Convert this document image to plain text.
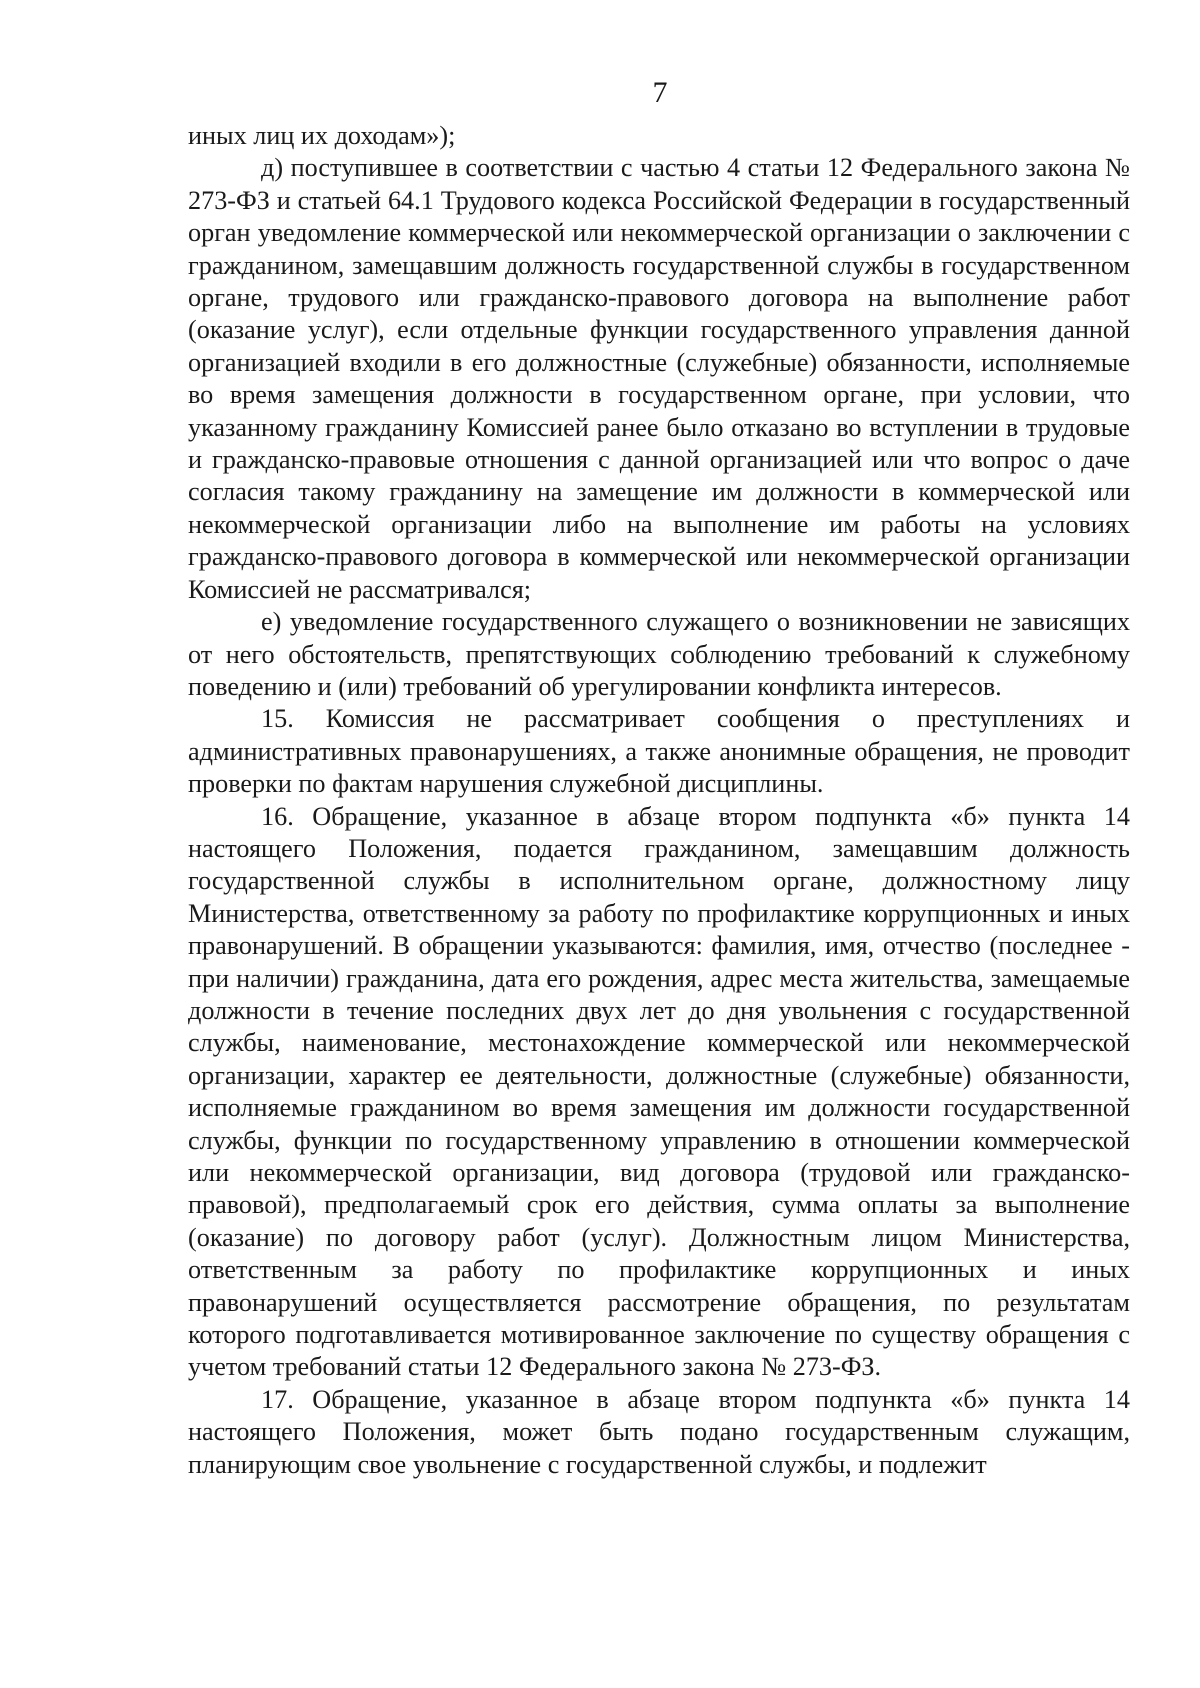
7

иных лиц их доходам»);

д) поступившее в соответствии с частью 4 статьи 12 Федерального закона № 273-ФЗ и статьей 64.1 Трудового кодекса Российской Федерации в государственный орган уведомление коммерческой или некоммерческой организации о заключении с гражданином, замещавшим должность государственной службы в государственном органе, трудового или гражданско-правового договора на выполнение работ (оказание услуг), если отдельные функции государственного управления данной организацией входили в его должностные (служебные) обязанности, исполняемые во время замещения должности в государственном органе, при условии, что указанному гражданину Комиссией ранее было отказано во вступлении в трудовые и гражданско-правовые отношения с данной организацией или что вопрос о даче согласия такому гражданину на замещение им должности в коммерческой или некоммерческой организации либо на выполнение им работы на условиях гражданско-правового договора в коммерческой или некоммерческой организации Комиссией не рассматривался;

е) уведомление государственного служащего о возникновении не зависящих от него обстоятельств, препятствующих соблюдению требований к служебному поведению и (или) требований об урегулировании конфликта интересов.

15. Комиссия не рассматривает сообщения о преступлениях и административных правонарушениях, а также анонимные обращения, не проводит проверки по фактам нарушения служебной дисциплины.

16. Обращение, указанное в абзаце втором подпункта «б» пункта 14 настоящего Положения, подается гражданином, замещавшим должность государственной службы в исполнительном органе, должностному лицу Министерства, ответственному за работу по профилактике коррупционных и иных правонарушений. В обращении указываются: фамилия, имя, отчество (последнее - при наличии) гражданина, дата его рождения, адрес места жительства, замещаемые должности в течение последних двух лет до дня увольнения с государственной службы, наименование, местонахождение коммерческой или некоммерческой организации, характер ее деятельности, должностные (служебные) обязанности, исполняемые гражданином во время замещения им должности государственной службы, функции по государственному управлению в отношении коммерческой или некоммерческой организации, вид договора (трудовой или гражданско-правовой), предполагаемый срок его действия, сумма оплаты за выполнение (оказание) по договору работ (услуг). Должностным лицом Министерства, ответственным за работу по профилактике коррупционных и иных правонарушений осуществляется рассмотрение обращения, по результатам которого подготавливается мотивированное заключение по существу обращения с учетом требований статьи 12 Федерального закона № 273-ФЗ.

17. Обращение, указанное в абзаце втором подпункта «б» пункта 14 настоящего Положения, может быть подано государственным служащим, планирующим свое увольнение с государственной службы, и подлежит
